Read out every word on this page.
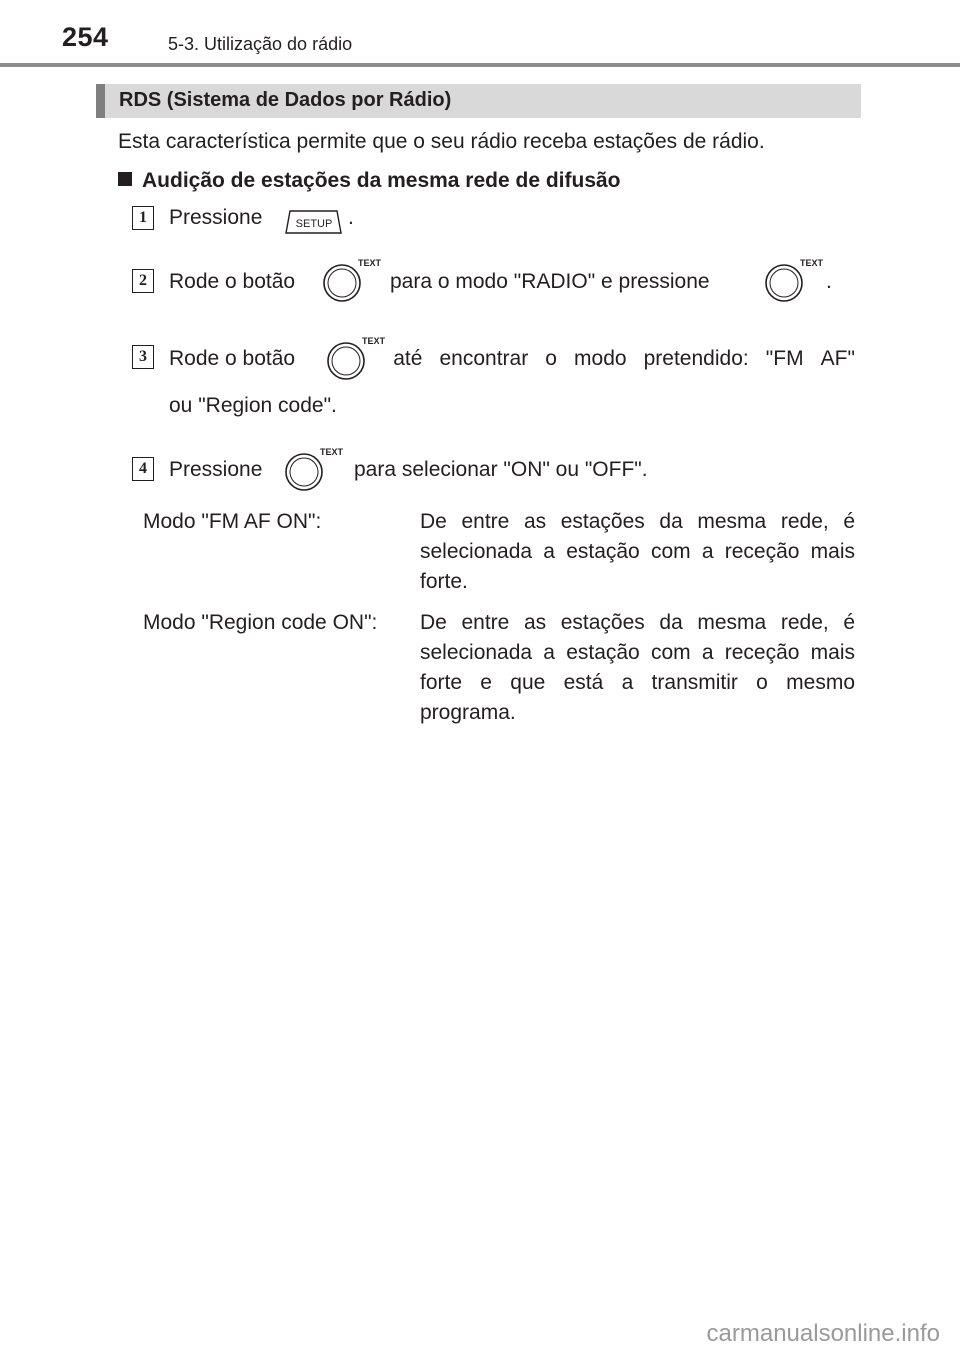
254	5-3. Utilização do rádio
RDS (Sistema de Dados por Rádio)
Esta característica permite que o seu rádio receba estações de rádio.
Audição de estações da mesma rede de difusão
1	Pressione	SETUP .
2	Rode o botão
TEXT
para o modo "RADIO" e pressione
TEXT
.
3	Rode o botão	até encontrar o modo pretendido: "FM AF"
TEXT
ou "Region code".
4	Pressione
TEXT
para selecionar "ON" ou "OFF".
Modo "FM AF ON":	De entre as estações da mesma rede, é selecionada a estação com a receção mais forte.
Modo "Region code ON": De entre as estações da mesma rede, é selecionada a estação com a receção mais forte e que está a transmitir o mesmo programa.
carmanualsonline.info
